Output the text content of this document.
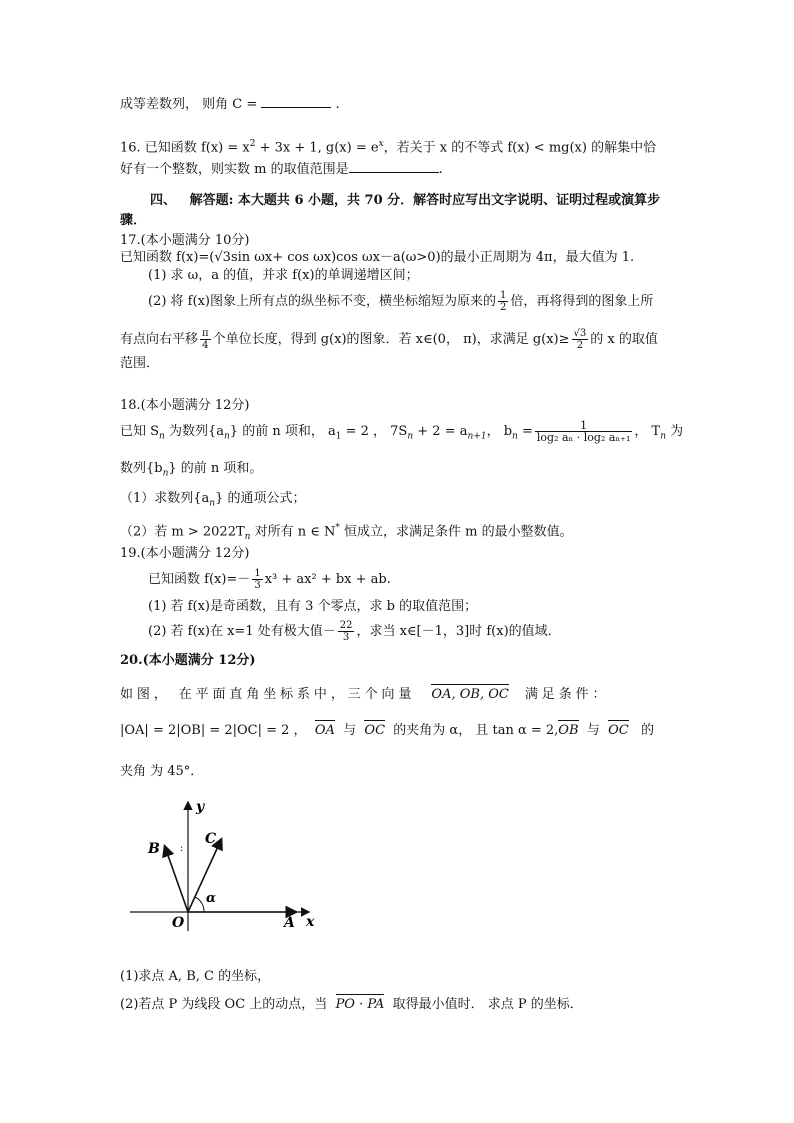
成等差数列， 则角 C =	.
16. 已知函数 $f(x) = x^2 + 3x + 1$, $g(x) = e^x$，若关于 x 的不等式 f(x) < mg(x) 的解集中恰
好有一个整数，则实数 m 的取值范围是	.
四、 解答题: 本大题共 6 小题，共 70 分．解答时应写出文字说明、证明过程或演算步
骤．
17.(本小题满分 10分)
已知函数 f(x)=(√3sin ωx+ cos ωx)cos ωx－a(ω>0)的最小正周期为 4π，最大值为 1.
(1) 求 ω，a 的值，并求 f(x)的单调递增区间；
(2) 将 f(x)图象上所有点的纵坐标不变，横坐标缩短为原来的 $\frac{1}{2}$ 倍，再将得到的图象上所
有点向右平移 $\frac{\pi}{4}$ 个单位长度，得到 g(x)的图象．若 x∈(0， π)，求满足 $g(x)\ge \frac{√3}{2}$ 的 x 的取值
范围．
18.(本小题满分 12分)
已知 $S_n$ 为数列$\{a_n\}$ 的前 n 项和， $a_1 = 2$ ， $7S_n + 2 = a_{n+1}$， $b_n = \frac{1}{\text{log₂ aₙ · log₂ aₙ₊₁}}$ ， $T_n$ 为
数列$\{b_n\}$ 的前 n 项和。
（1）求数列$\{a_n\}$ 的通项公式；
（2）若 $m > 2022T_n$ 对所有 n ∈ N* 恒成立，求满足条件 m 的最小整数值。
19.(本小题满分 12分)
已知函数 $f(x)=- \frac{1}{3} x^3 + ax^2$ + bx + ab.
(1) 若 f(x)是奇函数，且有 3 个零点，求 b 的取值范围；
(2) 若 f(x)在 x=1 处有极大值－ $\frac{22}{3}$ ，求当 x∈[－1，3]时 f(x)的值域．
20.(本小题满分 12分)
如图， 在平面直角坐标系中，三个向量 OA, OB, OC 满足条件：
|OA| = 2|OB| = 2|OC| = 2 ， OA 与 OC 的夹角为 α， 且 tan α = 2,OB 与 OC 的
夹角 为 45°．
y
x
B
C
O	A
α
:
(1)求点 A, B, C 的坐标，
(2)若点 P 为线段 OC 上的动点，当 PO · PA 取得最小值时． 求点 P 的坐标．
